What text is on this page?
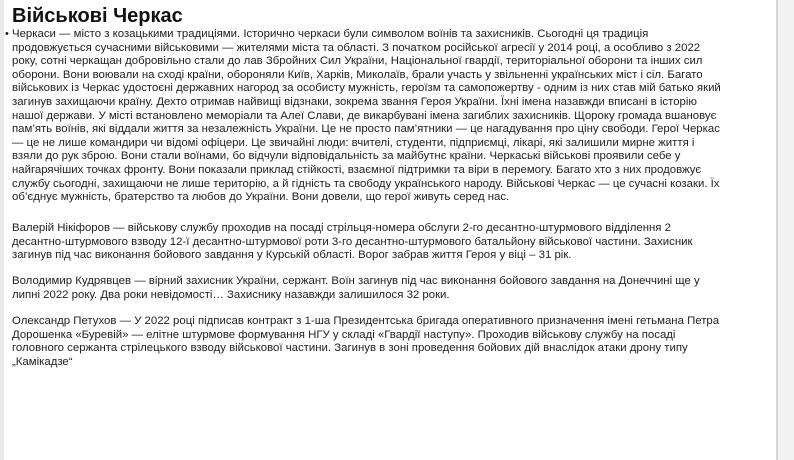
•
Військові Черкас

Черкаси — місто з козацькими традиціями. Історично черкаси були символом воїнів та захисників. Сьогодні ця традиція продовжується сучасними військовими — жителями міста та області. З початком російської агресії у 2014 році, а особливо з 2022 року, сотні черкащан добровільно стали до лав Збройних Сил України, Національної гвардії, територіальної оборони та інших сил оборони. Вони воювали на сході країни, обороняли Київ, Харків, Миколаїв, брали участь у звільненні українських міст і сіл. Багато військових із Черкас удостоєні державних нагород за особисту мужність, героїзм та самопожертву - одним із них став мій батько який загинув захищаючи країну. Дехто отримав найвищі відзнаки, зокрема звання Героя України. Їхні імена назавжди вписані в історію нашої держави. У місті встановлено меморіали та Алеї Слави, де викарбувані імена загиблих захисників. Щороку громада вшановує пам’ять воїнів, які віддали життя за незалежність України. Це не просто пам’ятники — це нагадування про ціну свободи. Герої Черкас — це не лише командири чи відомі офіцери. Це звичайні люди: вчителі, студенти, підприємці, лікарі, які залишили мирне життя і взяли до рук зброю. Вони стали воїнами, бо відчули відповідальність за майбутнє країни. Черкаські військові проявили себе у найгарячіших точках фронту. Вони показали приклад стійкості, взаємної підтримки та віри в перемогу. Багато хто з них продовжує службу сьогодні, захищаючи не лише територію, а й гідність та свободу українського народу. Військові Черкас — це сучасні козаки. Їх об’єднує мужність, братерство та любов до України. Вони довели, що герої живуть серед нас.

Валерій Нікіфоров — військову службу проходив на посаді стрільця-номера обслуги 2-го десантно-штурмового відділення 2 десантно-штурмового взводу 12-ї десантно-штурмової роти 3-го десантно-штурмового батальйону військової частини. Захисник загинув під час виконання бойового завдання у Курській області. Ворог забрав життя Героя у віці – 31 рік.

Володимир Кудрявцев — вірний захисник України, сержант. Воїн загинув під час виконання бойового завдання на Донеччині ще у липні 2022 року. Два роки невідомості… Захиснику назавжди залишилося 32 роки.

Олександр Петухов — У 2022 році підписав контракт з 1-ша Президентська бригада оперативного призначення імені гетьмана Петра Дорошенка «Буревій» — елітне штурмове формування НГУ у складі «Гвардії наступу». Проходив військову службу на посаді головного сержанта стрілецького взводу військової частини. Загинув в зоні проведення бойових дій внаслідок атаки дрону типу „Камікадзе“
